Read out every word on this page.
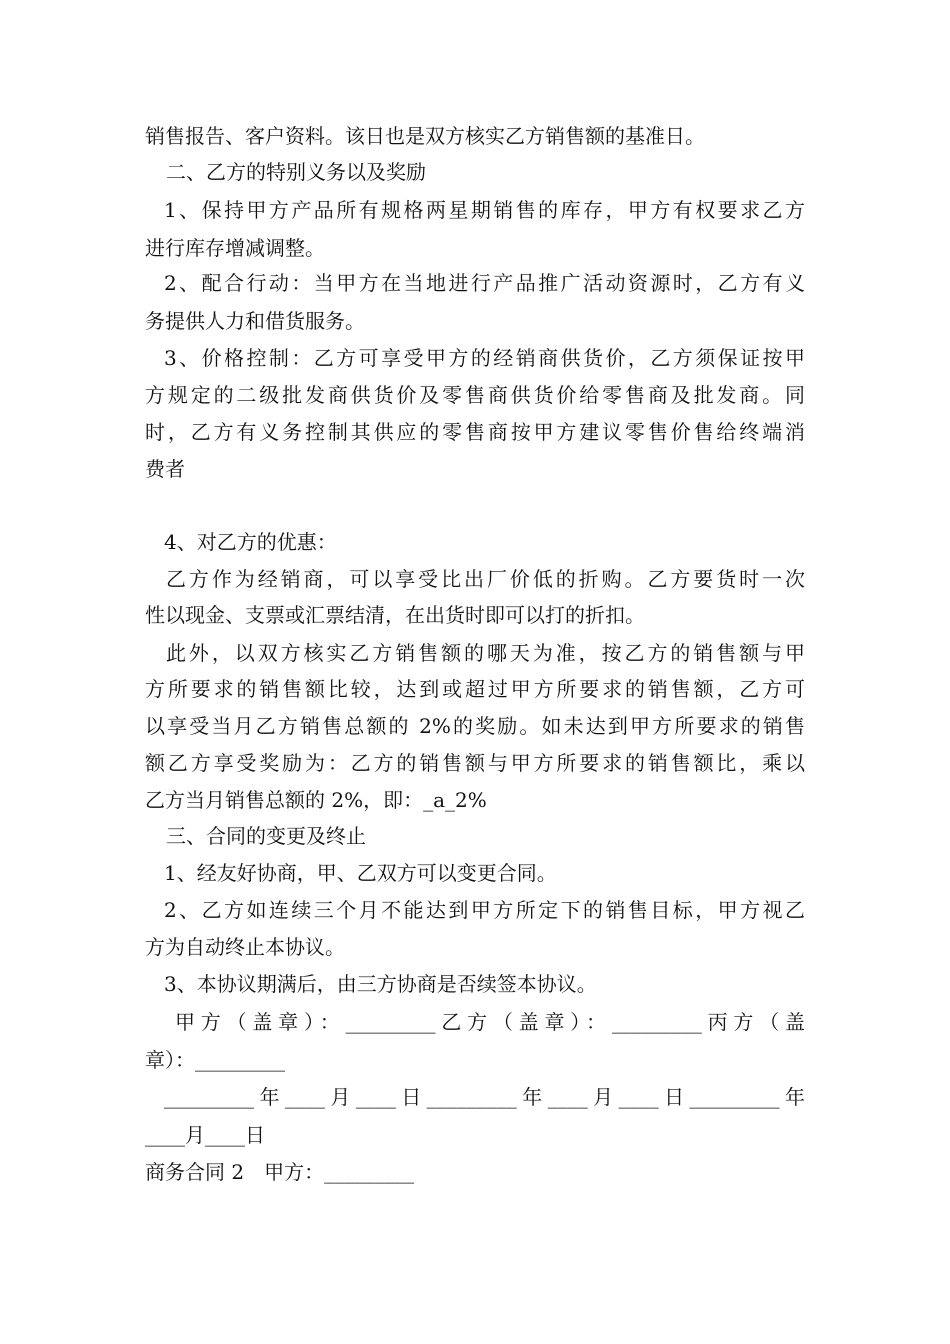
销售报告、客户资料。该日也是双方核实乙方销售额的基准日。

二、乙方的特别义务以及奖励

1、保持甲方产品所有规格两星期销售的库存，甲方有权要求乙方

进行库存增减调整。

2、配合行动：当甲方在当地进行产品推广活动资源时，乙方有义

务提供人力和借货服务。

3、价格控制：乙方可享受甲方的经销商供货价，乙方须保证按甲

方规定的二级批发商供货价及零售商供货价给零售商及批发商。同

时，乙方有义务控制其供应的零售商按甲方建议零售价售给终端消

费者

4、对乙方的优惠：

乙方作为经销商，可以享受比出厂价低的折购。乙方要货时一次

性以现金、支票或汇票结清，在出货时即可以打的折扣。

此外，以双方核实乙方销售额的哪天为准，按乙方的销售额与甲

方所要求的销售额比较，达到或超过甲方所要求的销售额，乙方可

以享受当月乙方销售总额的 2%的奖励。如未达到甲方所要求的销售

额乙方享受奖励为：乙方的销售额与甲方所要求的销售额比，乘以

乙方当月销售总额的 2%，即：_a_2%

三、合同的变更及终止

1、经友好协商，甲、乙双方可以变更合同。

2、乙方如连续三个月不能达到甲方所定下的销售目标，甲方视乙

方为自动终止本协议。

3、本协议期满后，由三方协商是否续签本协议。

甲方（盖章）：_________乙方（盖章）：_________丙方（盖

章）：_________

_________年____月____日_________年____月____日_________年

____月____日

商务合同 2　甲方：_________
